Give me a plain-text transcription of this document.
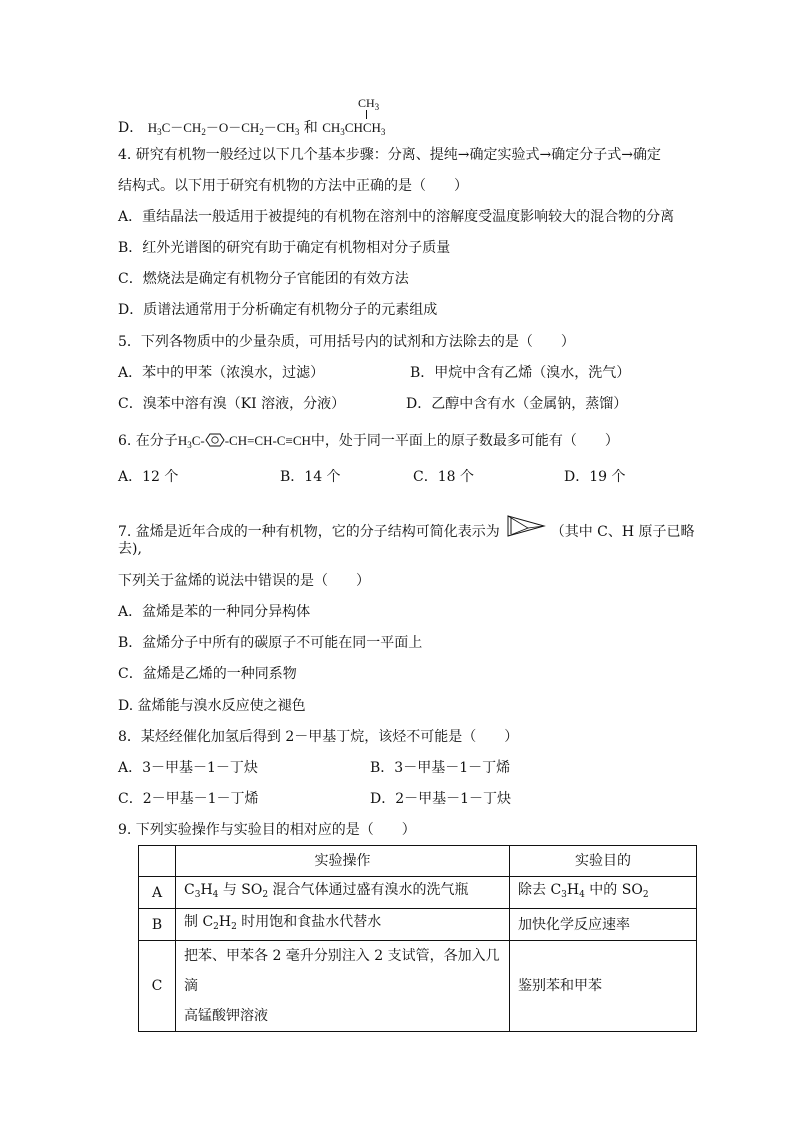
$CH_3$
D． $H_3C-CH_2-O-CH_2-CH_3$ 和 $CH_3CHCH_3$
4. 研究有机物一般经过以下几个基本步骤：分离、提纯→确定实验式→确定分子式→确定
结构式。以下用于研究有机物的方法中正确的是（　　）
A．重结晶法一般适用于被提纯的有机物在溶剂中的溶解度受温度影响较大的混合物的分离
B．红外光谱图的研究有助于确定有机物相对分子质量
C．燃烧法是确定有机物分子官能团的有效方法
D．质谱法通常用于分析确定有机物分子的元素组成
5．下列各物质中的少量杂质，可用括号内的试剂和方法除去的是（　　）
A．苯中的甲苯（浓溴水，过滤）	B．甲烷中含有乙烯（溴水，洗气）
C．溴苯中溶有溴（KI 溶液，分液）	D．乙醇中含有水（金属钠，蒸馏）
6. 在分子$H_3C-$ -CH=CH-C≡CH中，处于同一平面上的原子数最多可能有（　　）
A．12 个	B．14 个	C．18 个	D．19 个
7. 盆烯是近年合成的一种有机物，它的分子结构可简化表示为	（其中 C、H 原子已略
去),
下列关于盆烯的说法中错误的是（　　）
A．盆烯是苯的一种同分异构体
B．盆烯分子中所有的碳原子不可能在同一平面上
C．盆烯是乙烯的一种同系物
D. 盆烯能与溴水反应使之褪色
8．某烃经催化加氢后得到 2－甲基丁烷，该烃不可能是（　　）
A．3－甲基－1－丁炔	B．3－甲基－1－丁烯
C．2－甲基－1－丁烯	D．2－甲基－1－丁炔
9. 下列实验操作与实验目的相对应的是（　　）
	实验操作	实验目的
A	$C_3H_4$ 与 $SO_2$ 混合气体通过盛有溴水的洗气瓶	除去 $C_3H_4$ 中的 $SO_2$
B	制 $C_2H_2$ 时用饱和食盐水代替水	加快化学反应速率
C	把苯、甲苯各 2 毫升分别注入 2 支试管，各加入几滴
高锰酸钾溶液	鉴别苯和甲苯
